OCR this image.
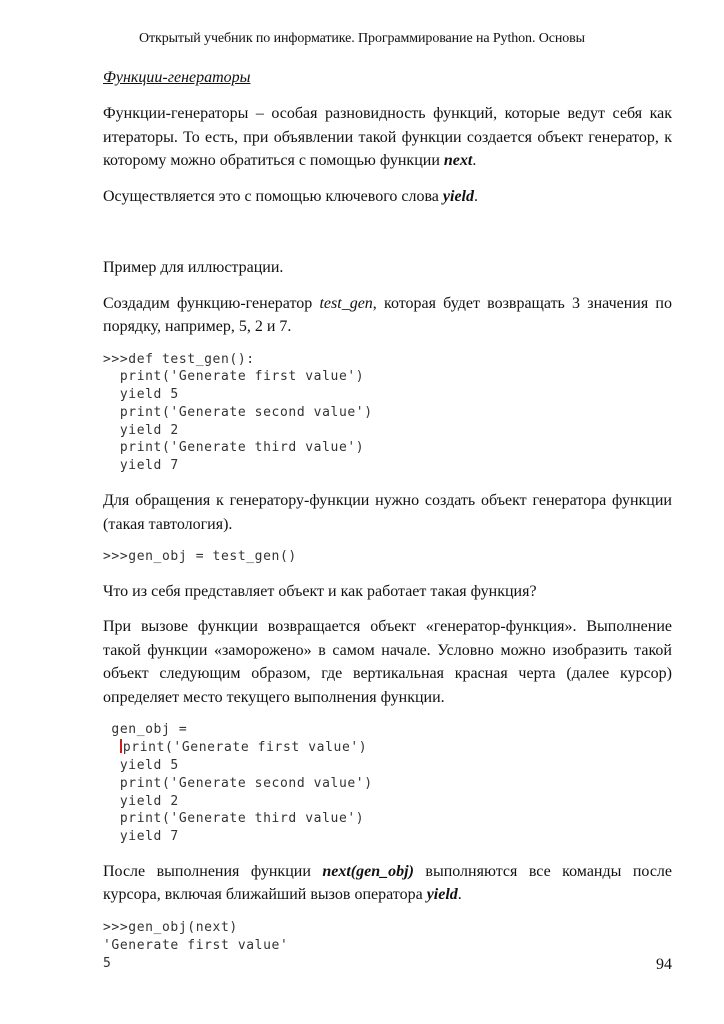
Открытый учебник по информатике. Программирование на Python. Основы
Функции-генераторы

Функции-генераторы – особая разновидность функций, которые ведут себя как итераторы. То есть, при объявлении такой функции создается объект генератор, к которому можно обратиться с помощью функции next.

Осуществляется это с помощью ключевого слова yield.

Пример для иллюстрации.

Создадим функцию-генератор test_gen, которая будет возвращать 3 значения по порядку, например, 5, 2 и 7.

>>>def test_gen():
print('Generate first value')
yield 5
print('Generate second value')
yield 2
print('Generate third value')
yield 7

Для обращения к генератору-функции нужно создать объект генератора функции (такая тавтология).

>>>gen_obj = test_gen()

Что из себя представляет объект и как работает такая функция?

При вызове функции возвращается объект «генератор-функция». Выполнение такой функции «заморожено» в самом начале. Условно можно изобразить такой объект следующим образом, где вертикальная красная черта (далее курсор) определяет место текущего выполнения функции.

gen_obj =
print('Generate first value')
yield 5
print('Generate second value')
yield 2
print('Generate third value')
yield 7

После выполнения функции next(gen_obj) выполняются все команды после курсора, включая ближайший вызов оператора yield.

>>>gen_obj(next)
'Generate first value'
5	94
